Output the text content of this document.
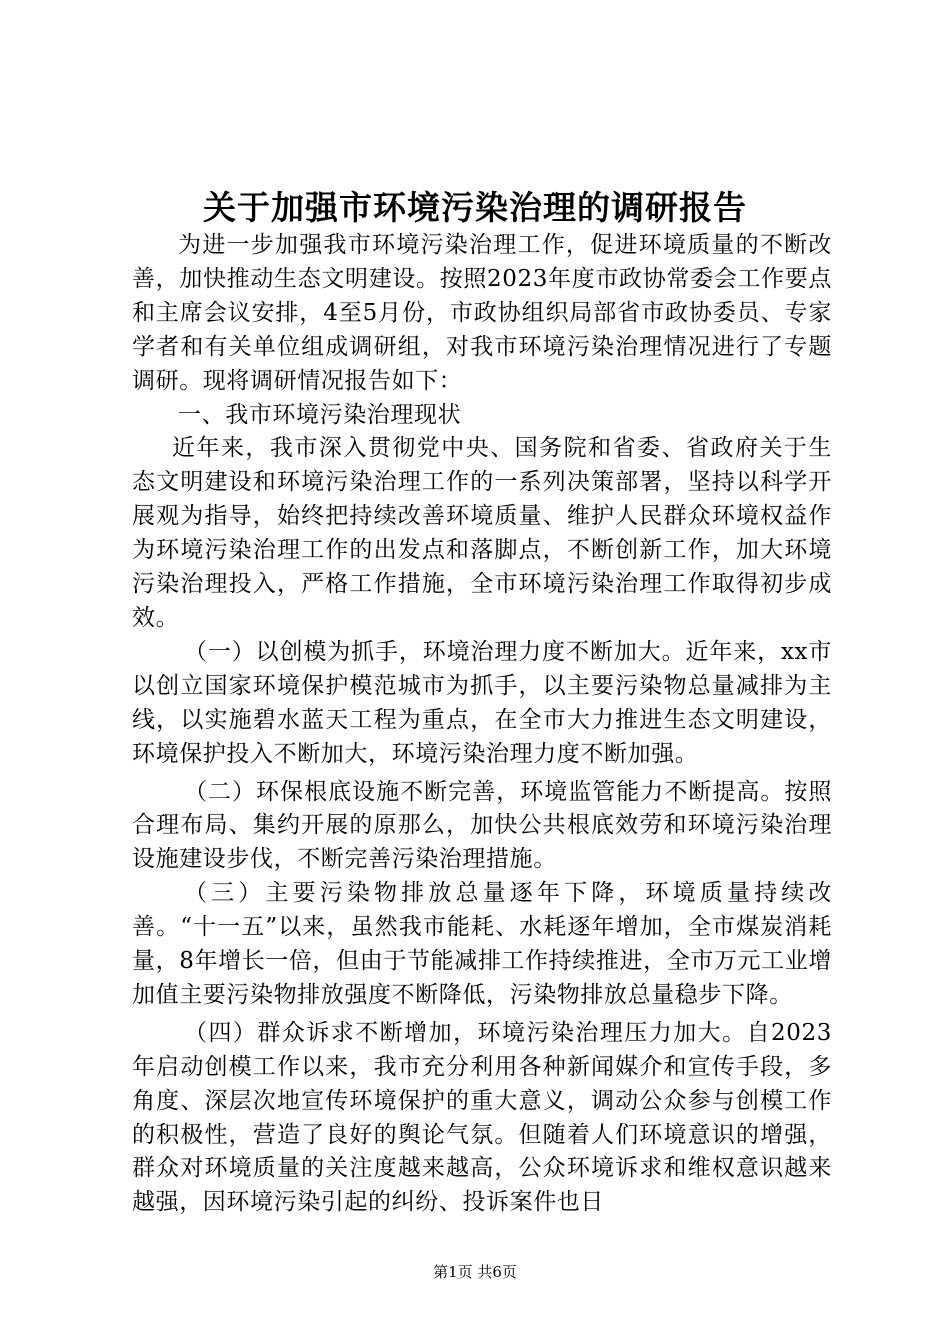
关于加强市环境污染治理的调研报告

为进一步加强我市环境污染治理工作，促进环境质量的不断改善，加快推动生态文明建设。按照2023年度市政协常委会工作要点和主席会议安排，4至5月份，市政协组织局部省市政协委员、专家学者和有关单位组成调研组，对我市环境污染治理情况进行了专题调研。现将调研情况报告如下：

一、我市环境污染治理现状

近年来，我市深入贯彻党中央、国务院和省委、省政府关于生态文明建设和环境污染治理工作的一系列决策部署，坚持以科学开展观为指导，始终把持续改善环境质量、维护人民群众环境权益作为环境污染治理工作的出发点和落脚点，不断创新工作，加大环境污染治理投入，严格工作措施，全市环境污染治理工作取得初步成效。

（一）以创模为抓手，环境治理力度不断加大。近年来，xx市以创立国家环境保护模范城市为抓手，以主要污染物总量减排为主线，以实施碧水蓝天工程为重点，在全市大力推进生态文明建设，环境保护投入不断加大，环境污染治理力度不断加强。

（二）环保根底设施不断完善，环境监管能力不断提高。按照合理布局、集约开展的原那么，加快公共根底效劳和环境污染治理设施建设步伐，不断完善污染治理措施。

（三）主要污染物排放总量逐年下降，环境质量持续改善。“十一五”以来，虽然我市能耗、水耗逐年增加，全市煤炭消耗量，8年增长一倍，但由于节能减排工作持续推进，全市万元工业增加值主要污染物排放强度不断降低，污染物排放总量稳步下降。

（四）群众诉求不断增加，环境污染治理压力加大。自2023年启动创模工作以来，我市充分利用各种新闻媒介和宣传手段，多角度、深层次地宣传环境保护的重大意义，调动公众参与创模工作的积极性，营造了良好的舆论气氛。但随着人们环境意识的增强，群众对环境质量的关注度越来越高，公众环境诉求和维权意识越来越强，因环境污染引起的纠纷、投诉案件也日

第1页 共6页
